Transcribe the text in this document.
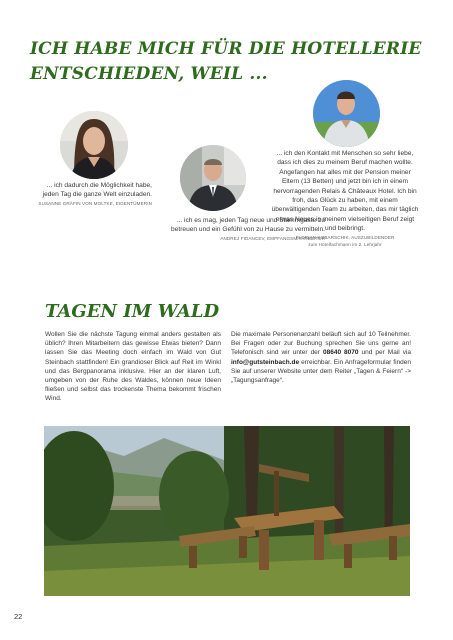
ICH HABE MICH FÜR DIE HOTELLERIE
ENTSCHIEDEN, WEIL ...

... ich dadurch die Möglichkeit habe, jeden Tag die ganze Welt einzuladen.

SUSANNE GRÄFIN VON MOLTKE, EIGENTÜMERIN

... ich es mag, jeden Tag neue und Stammgäste zu betreuen und ein Gefühl von zu Hause zu vermitteln.

ANDREJ FIDANCEV, EMPFANGSMITARBEITER

... ich den Kontakt mit Menschen so sehr liebe, dass ich dies zu meinem Beruf machen wollte. Angefangen hat alles mit der Pension meiner Eltern (13 Betten) und jetzt bin ich in einem hervorragenden Relais & Châteaux Hotel. Ich bin froh, das Glück zu haben, mit einem überwältigenden Team zu arbeiten, das mir täglich etwas Neues in meinem vielseitigen Beruf zeigt und beibringt.

FLORIAN KOBARSCHIK, AUSZUBILDENDER

zum Hotelfachmann im 2. Lehrjahr

TAGEN IM WALD
Wollen Sie die nächste Tagung einmal anders gestalten als üblich? Ihren Mitarbeitern das gewisse Etwas bieten? Dann lassen Sie das Meeting doch einfach im Wald von Gut Steinbach stattfinden! Ein grandioser Blick auf Reit im Winkl und das Bergpanorama inklusive. Hier an der klaren Luft, umgeben von der Ruhe des Waldes, können neue Ideen fließen und selbst das trockenste Thema bekommt frischen Wind.
Die maximale Personenanzahl beläuft sich auf 10 Teilnehmer. Bei Fragen oder zur Buchung sprechen Sie uns gerne an! Telefonisch sind wir unter der 08640 8070 und per Mail via info@gutsteinbach.de erreichbar. Ein Anfrageformular finden Sie auf unserer Website unter dem Reiter „Tagen & Feiern“ -> „Tagungsanfrage“.
22
